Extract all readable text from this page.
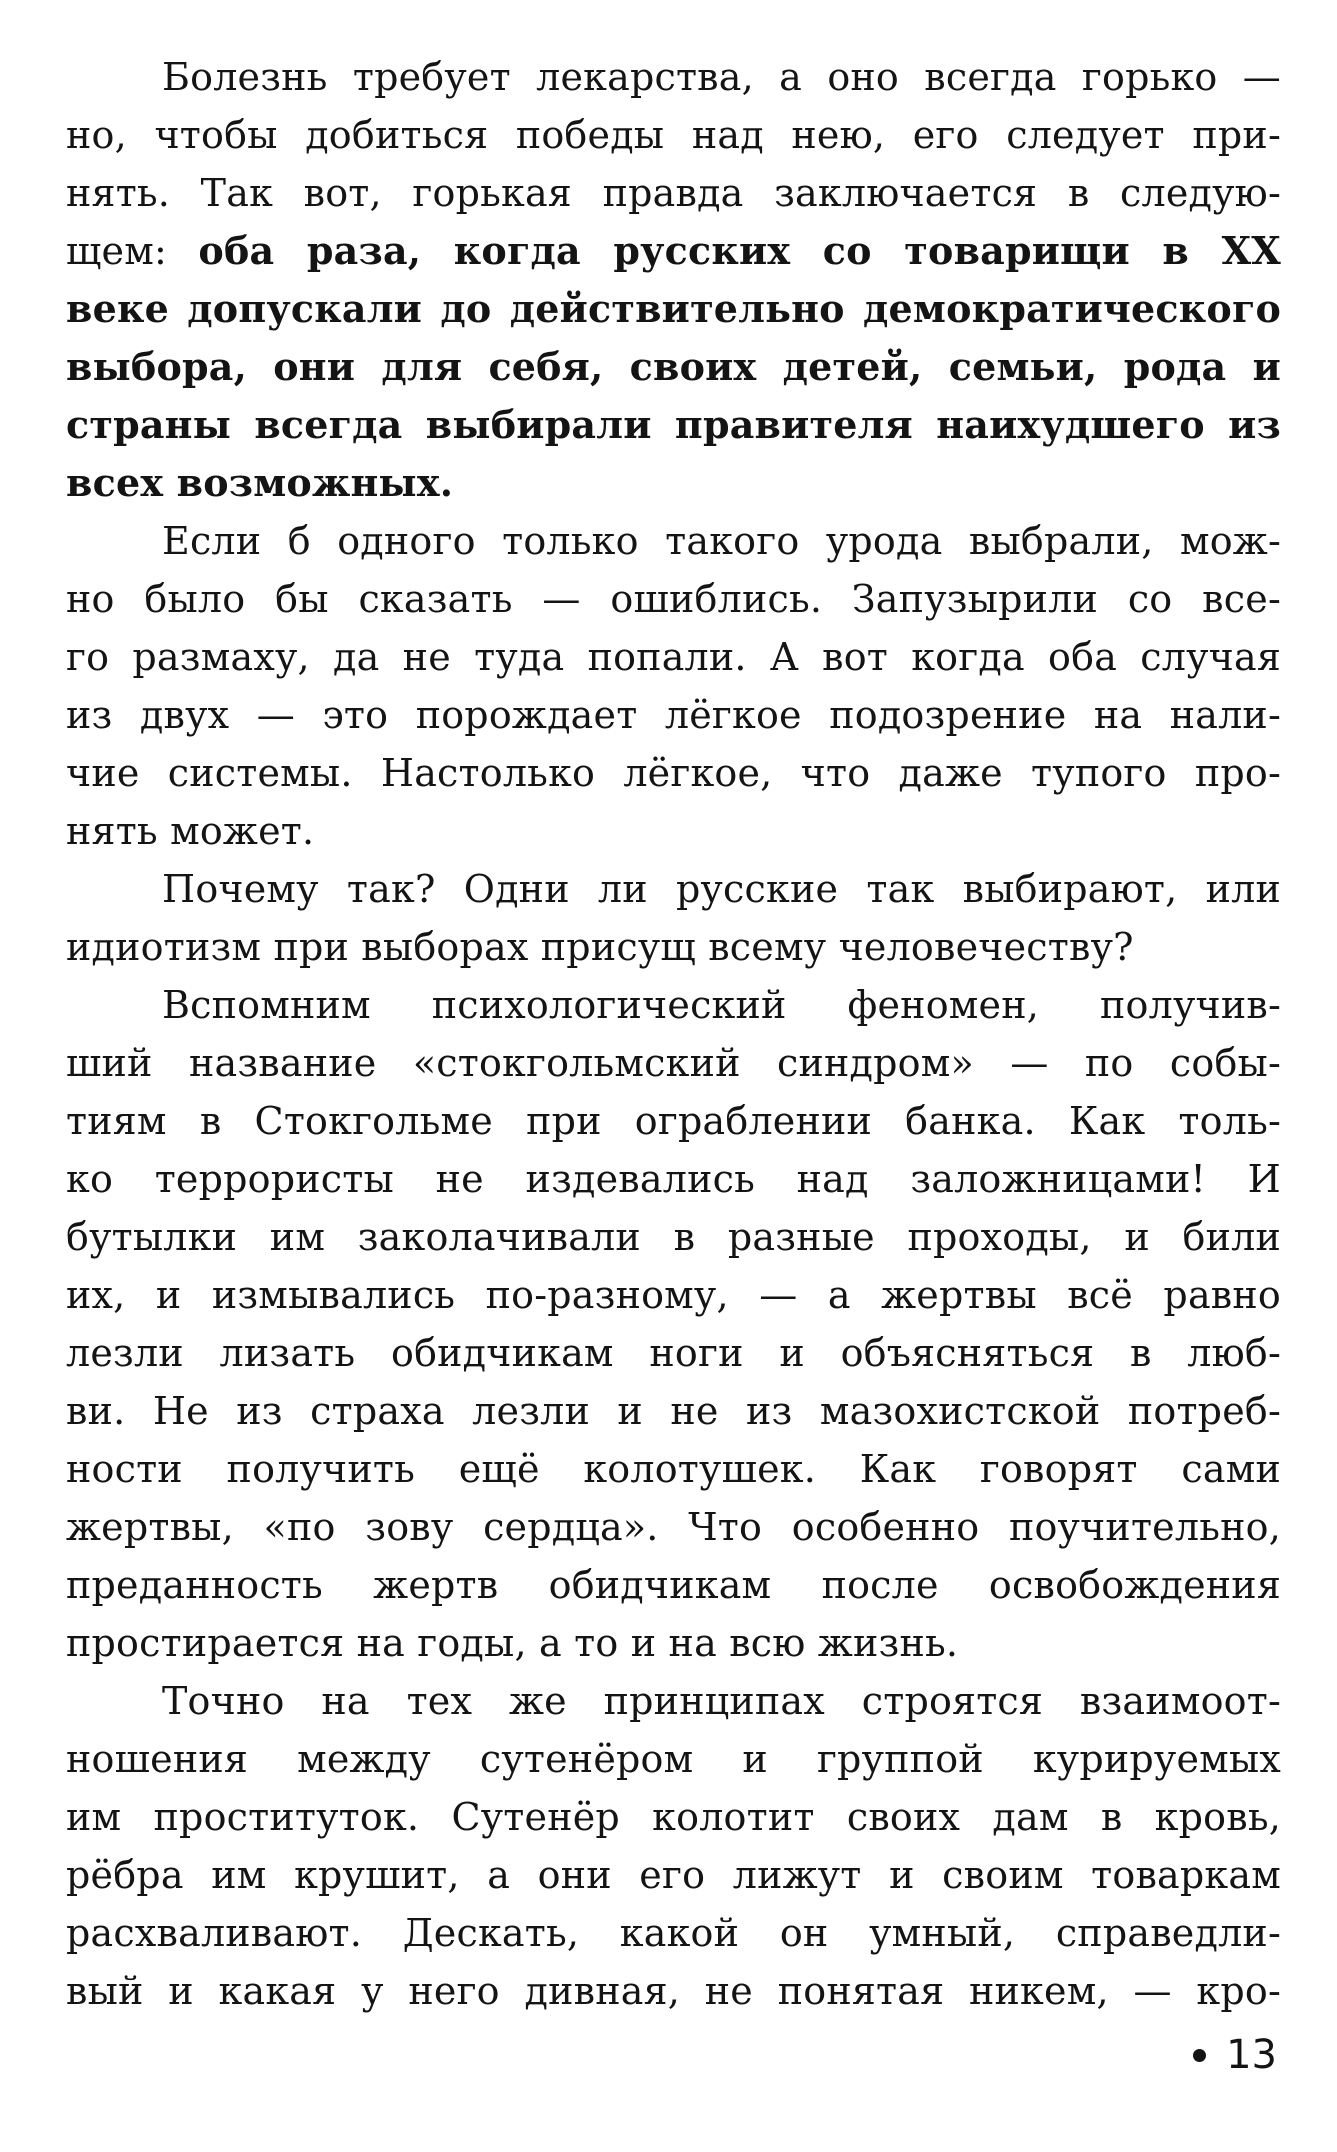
Болезнь требует лекарства, а оно всегда горько —
но, чтобы добиться победы над нею, его следует при-
нять. Так вот, горькая правда заключается в следую-
щем: оба раза, когда русских со товарищи в XX
веке допускали до действительно демократического
выбора, они для себя, своих детей, семьи, рода и
страны всегда выбирали правителя наихудшего из
всех возможных.
Если б одного только такого урода выбрали, мож-
но было бы сказать — ошиблись. Запузырили со все-
го размаху, да не туда попали. А вот когда оба случая
из двух — это порождает лёгкое подозрение на нали-
чие системы. Настолько лёгкое, что даже тупого про-
нять может.
Почему так? Одни ли русские так выбирают, или
идиотизм при выборах присущ всему человечеству?
Вспомним психологический феномен, получив-
ший название «стокгольмский синдром» — по собы-
тиям в Стокгольме при ограблении банка. Как толь-
ко террористы не издевались над заложницами! И
бутылки им заколачивали в разные проходы, и били
их, и измывались по-разному, — а жертвы всё равно
лезли лизать обидчикам ноги и объясняться в люб-
ви. Не из страха лезли и не из мазохистской потреб-
ности получить ещё колотушек. Как говорят сами
жертвы, «по зову сердца». Что особенно поучительно,
преданность жертв обидчикам после освобождения
простирается на годы, а то и на всю жизнь.
Точно на тех же принципах строятся взаимоот-
ношения между сутенёром и группой курируемых
им проституток. Сутенёр колотит своих дам в кровь,
рёбра им крушит, а они его лижут и своим товаркам
расхваливают. Дескать, какой он умный, справедли-
вый и какая у него дивная, не понятая никем, — кро-
13
